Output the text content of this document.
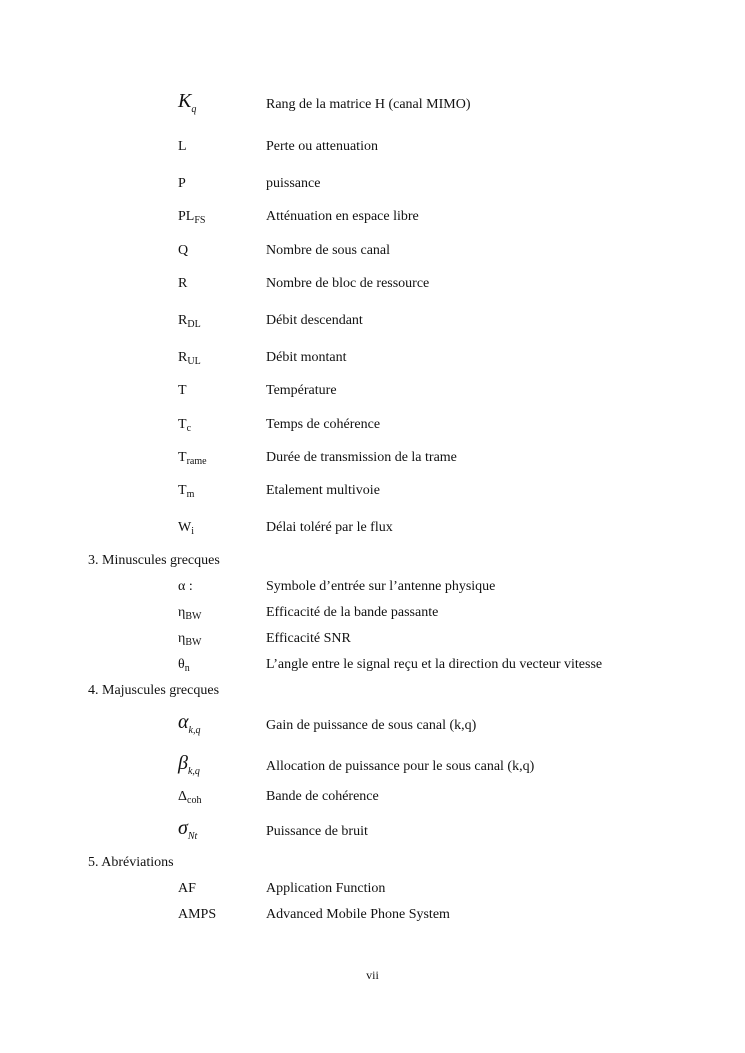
$K_q$	Rang de la matrice H (canal MIMO)
L	Perte ou attenuation
P	puissance
$PL_{FS}$	Atténuation en espace libre
Q	Nombre de sous canal
R	Nombre de bloc de ressource
$R_{DL}$	Débit descendant
$R_{UL}$	Débit montant
T	Température
$T_c$	Temps de cohérence
$T_{rame}$	Durée de transmission de la trame
$T_m$	Etalement multivoie
$W_i$	Délai toléré par le flux
3. Minuscules grecques
α :	Symbole d’entrée sur l’antenne physique
$\eta_{BW}$	Efficacité de la bande passante
$\eta_{BW}$	Efficacité SNR
$\theta_n$	L’angle entre le signal reçu et la direction du vecteur vitesse
4. Majuscules grecques
$\alpha_{k,q}$	Gain de puissance de sous canal (k,q)
$\beta_{k,q}$	Allocation de puissance pour le sous canal (k,q)
$\Delta_{coh}$	Bande de cohérence
$\sigma_{Nt}$	Puissance de bruit
5. Abréviations
AF	Application Function
AMPS	Advanced Mobile Phone System
vii
